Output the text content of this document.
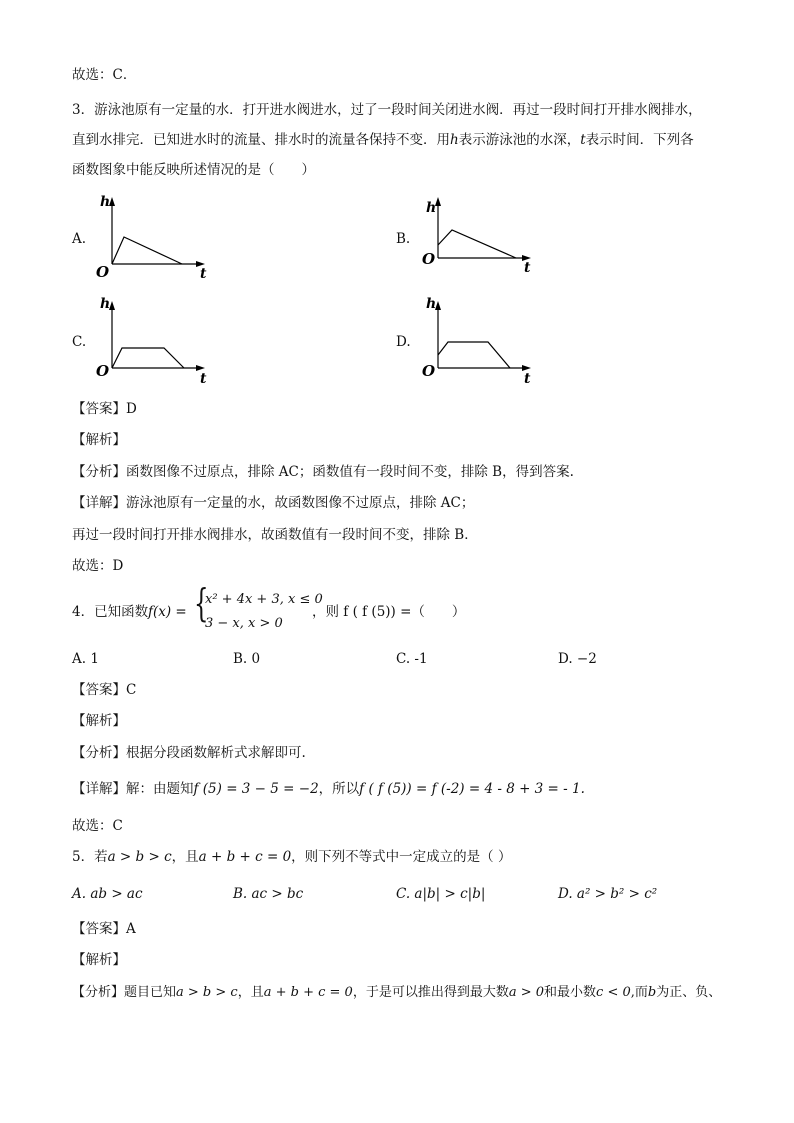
故选：C．
3．游泳池原有一定量的水．打开进水阀进水，过了一段时间关闭进水阀．再过一段时间打开排水阀排水，
直到水排完．已知进水时的流量、排水时的流量各保持不变．用h表示游泳池的水深，t表示时间．下列各
函数图象中能反映所述情况的是（　　）
A.
h
O	t
B.
h
O	t
C.
h
O	t
D.
h
O	t
【答案】D
【解析】
【分析】函数图像不过原点，排除 AC；函数值有一段时间不变，排除 B，得到答案.
【详解】游泳池原有一定量的水，故函数图像不过原点，排除 AC；
再过一段时间打开排水阀排水，故函数值有一段时间不变，排除 B．
故选：D
4．已知函数 f(x) = {
x² + 4x + 3, x ≤ 0
3 − x, x > 0
，则 f ( f (5)) =（　　）
A. 1	B. 0	C. -1	D. −2
【答案】C
【解析】
【分析】根据分段函数解析式求解即可.
【详解】解：由题知f (5) = 3 − 5 = −2，所以f ( f (5)) = f (-2) = 4 - 8 + 3 = - 1.
故选：C
5．若a > b > c，且a + b + c = 0，则下列不等式中一定成立的是（ ）
A. ab > ac	B. ac > bc	C. a|b| > c|b|	D. a² > b² > c²
【答案】A
【解析】
【分析】题目已知a > b > c，且a + b + c = 0，于是可以推出得到最大数a > 0和最小数c < 0,而b为正、负、
